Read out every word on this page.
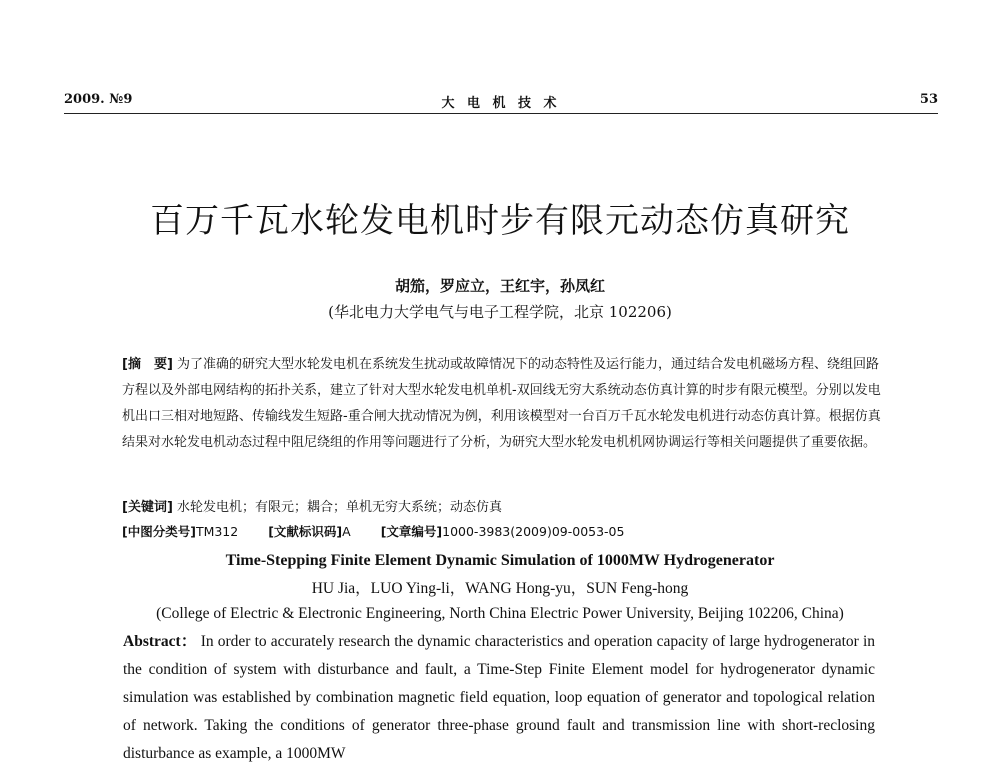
2009. №9	大 电 机 技 术	53
百万千瓦水轮发电机时步有限元动态仿真研究
胡笳，罗应立，王红宇，孙凤红
(华北电力大学电气与电子工程学院，北京 102206)
[摘　要] 为了准确的研究大型水轮发电机在系统发生扰动或故障情况下的动态特性及运行能力，通过结合发电机磁场方程、绕组回路方程以及外部电网结构的拓扑关系，建立了针对大型水轮发电机单机-双回线无穷大系统动态仿真计算的时步有限元模型。分别以发电机出口三相对地短路、传输线发生短路-重合闸大扰动情况为例，利用该模型对一台百万千瓦水轮发电机进行动态仿真计算。根据仿真结果对水轮发电机动态过程中阻尼绕组的作用等问题进行了分析，为研究大型水轮发电机机网协调运行等相关问题提供了重要依据。
[关键词] 水轮发电机；有限元；耦合；单机无穷大系统；动态仿真
[中图分类号]TM312 [文献标识码]A [文章编号]1000-3983(2009)09-0053-05
Time-Stepping Finite Element Dynamic Simulation of 1000MW Hydrogenerator
HU Jia，LUO Ying-li，WANG Hong-yu，SUN Feng-hong
(College of Electric & Electronic Engineering, North China Electric Power University, Beijing 102206, China)
Abstract： In order to accurately research the dynamic characteristics and operation capacity of large hydrogenerator in the condition of system with disturbance and fault, a Time-Step Finite Element model for hydrogenerator dynamic simulation was established by combination magnetic field equation, loop equation of generator and topological relation of network. Taking the conditions of generator three-phase ground fault and transmission line with short-reclosing disturbance as example, a 1000MW
